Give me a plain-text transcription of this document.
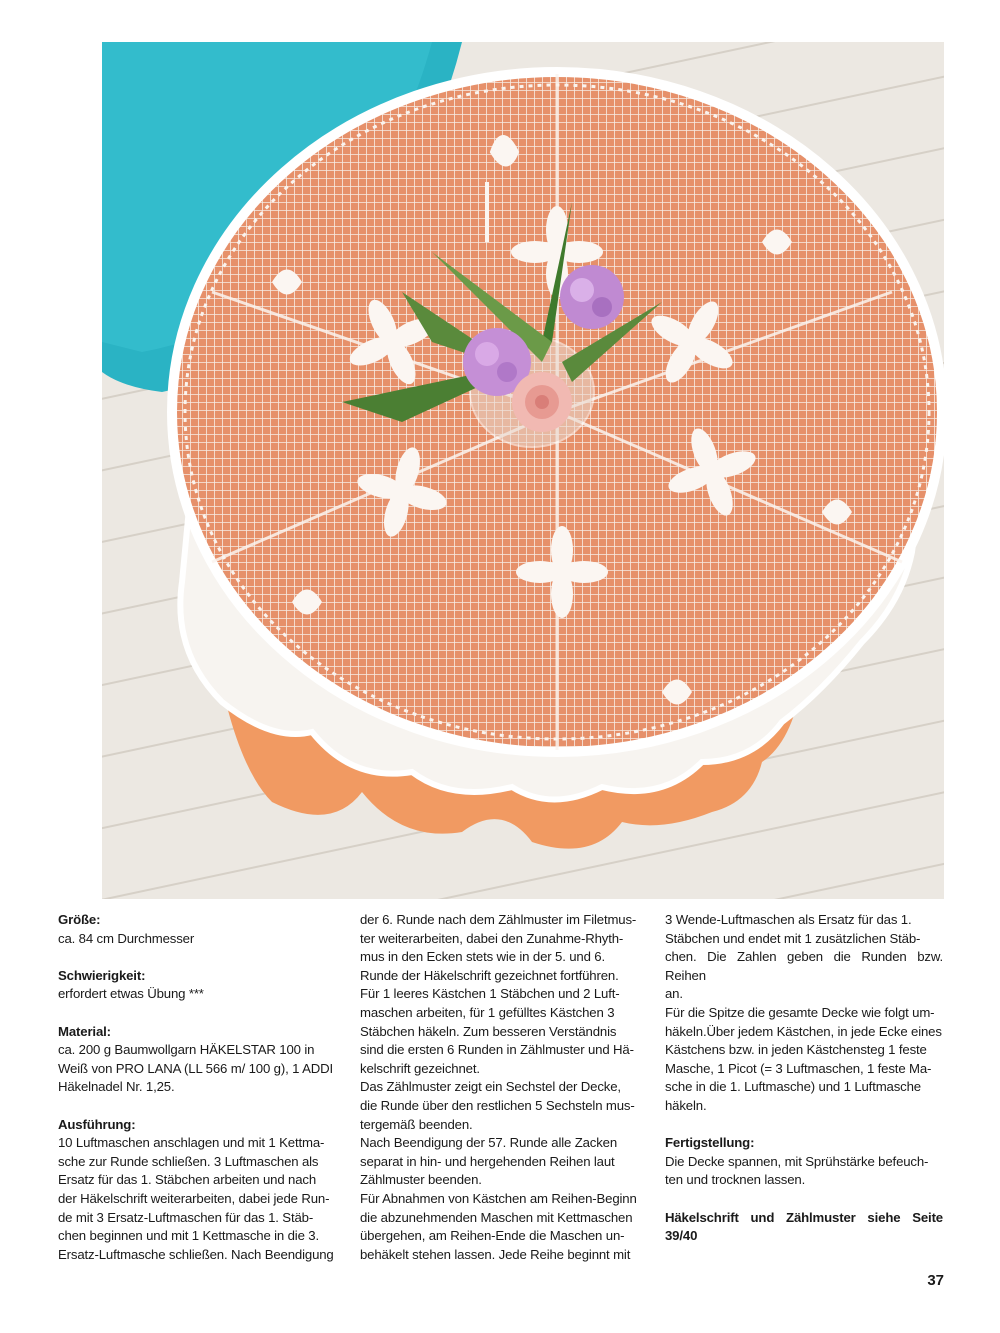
Größe:

ca. 84 cm Durchmesser

Schwierigkeit:

erfordert etwas Übung ***

Material:

ca. 200 g Baumwollgarn HÄKELSTAR 100 in
Weiß von PRO LANA (LL 566 m/ 100 g), 1 ADDI
Häkelnadel Nr. 1,25.

Ausführung:

10 Luftmaschen anschlagen und mit 1 Kettma-
sche zur Runde schließen. 3 Luftmaschen als
Ersatz für das 1. Stäbchen arbeiten und nach
der Häkelschrift weiterarbeiten, dabei jede Run-
de mit 3 Ersatz-Luftmaschen für das 1. Stäb-
chen beginnen und mit 1 Kettmasche in die 3.
Ersatz-Luftmasche schließen. Nach Beendigung

der 6. Runde nach dem Zählmuster im Filetmus-
ter weiterarbeiten, dabei den Zunahme-Rhyth-
mus in den Ecken stets wie in der 5. und 6.
Runde der Häkelschrift gezeichnet fortführen.
Für 1 leeres Kästchen 1 Stäbchen und 2 Luft-
maschen arbeiten, für 1 gefülltes Kästchen 3
Stäbchen häkeln. Zum besseren Verständnis
sind die ersten 6 Runden in Zählmuster und Hä-
kelschrift gezeichnet.
Das Zählmuster zeigt ein Sechstel der Decke,
die Runde über den restlichen 5 Sechsteln mus-
tergemäß beenden.
Nach Beendigung der 57. Runde alle Zacken
separat in hin- und hergehenden Reihen laut
Zählmuster beenden.
Für Abnahmen von Kästchen am Reihen-Beginn
die abzunehmenden Maschen mit Kettmaschen
übergehen, am Reihen-Ende die Maschen un-
behäkelt stehen lassen. Jede Reihe beginnt mit

3 Wende-Luftmaschen als Ersatz für das 1.
Stäbchen und endet mit 1 zusätzlichen Stäb-
chen. Die Zahlen geben die Runden bzw. Reihen
an.

Für die Spitze die gesamte Decke wie folgt um-
häkeln.Über jedem Kästchen, in jede Ecke eines
Kästchens bzw. in jeden Kästchensteg 1 feste
Masche, 1 Picot (= 3 Luftmaschen, 1 feste Ma-
sche in die 1. Luftmasche) und 1 Luftmasche
häkeln.

Fertigstellung:

Die Decke spannen, mit Sprühstärke befeuch-
ten und trocknen lassen.

Häkelschrift und Zählmuster siehe Seite 39/40

37
